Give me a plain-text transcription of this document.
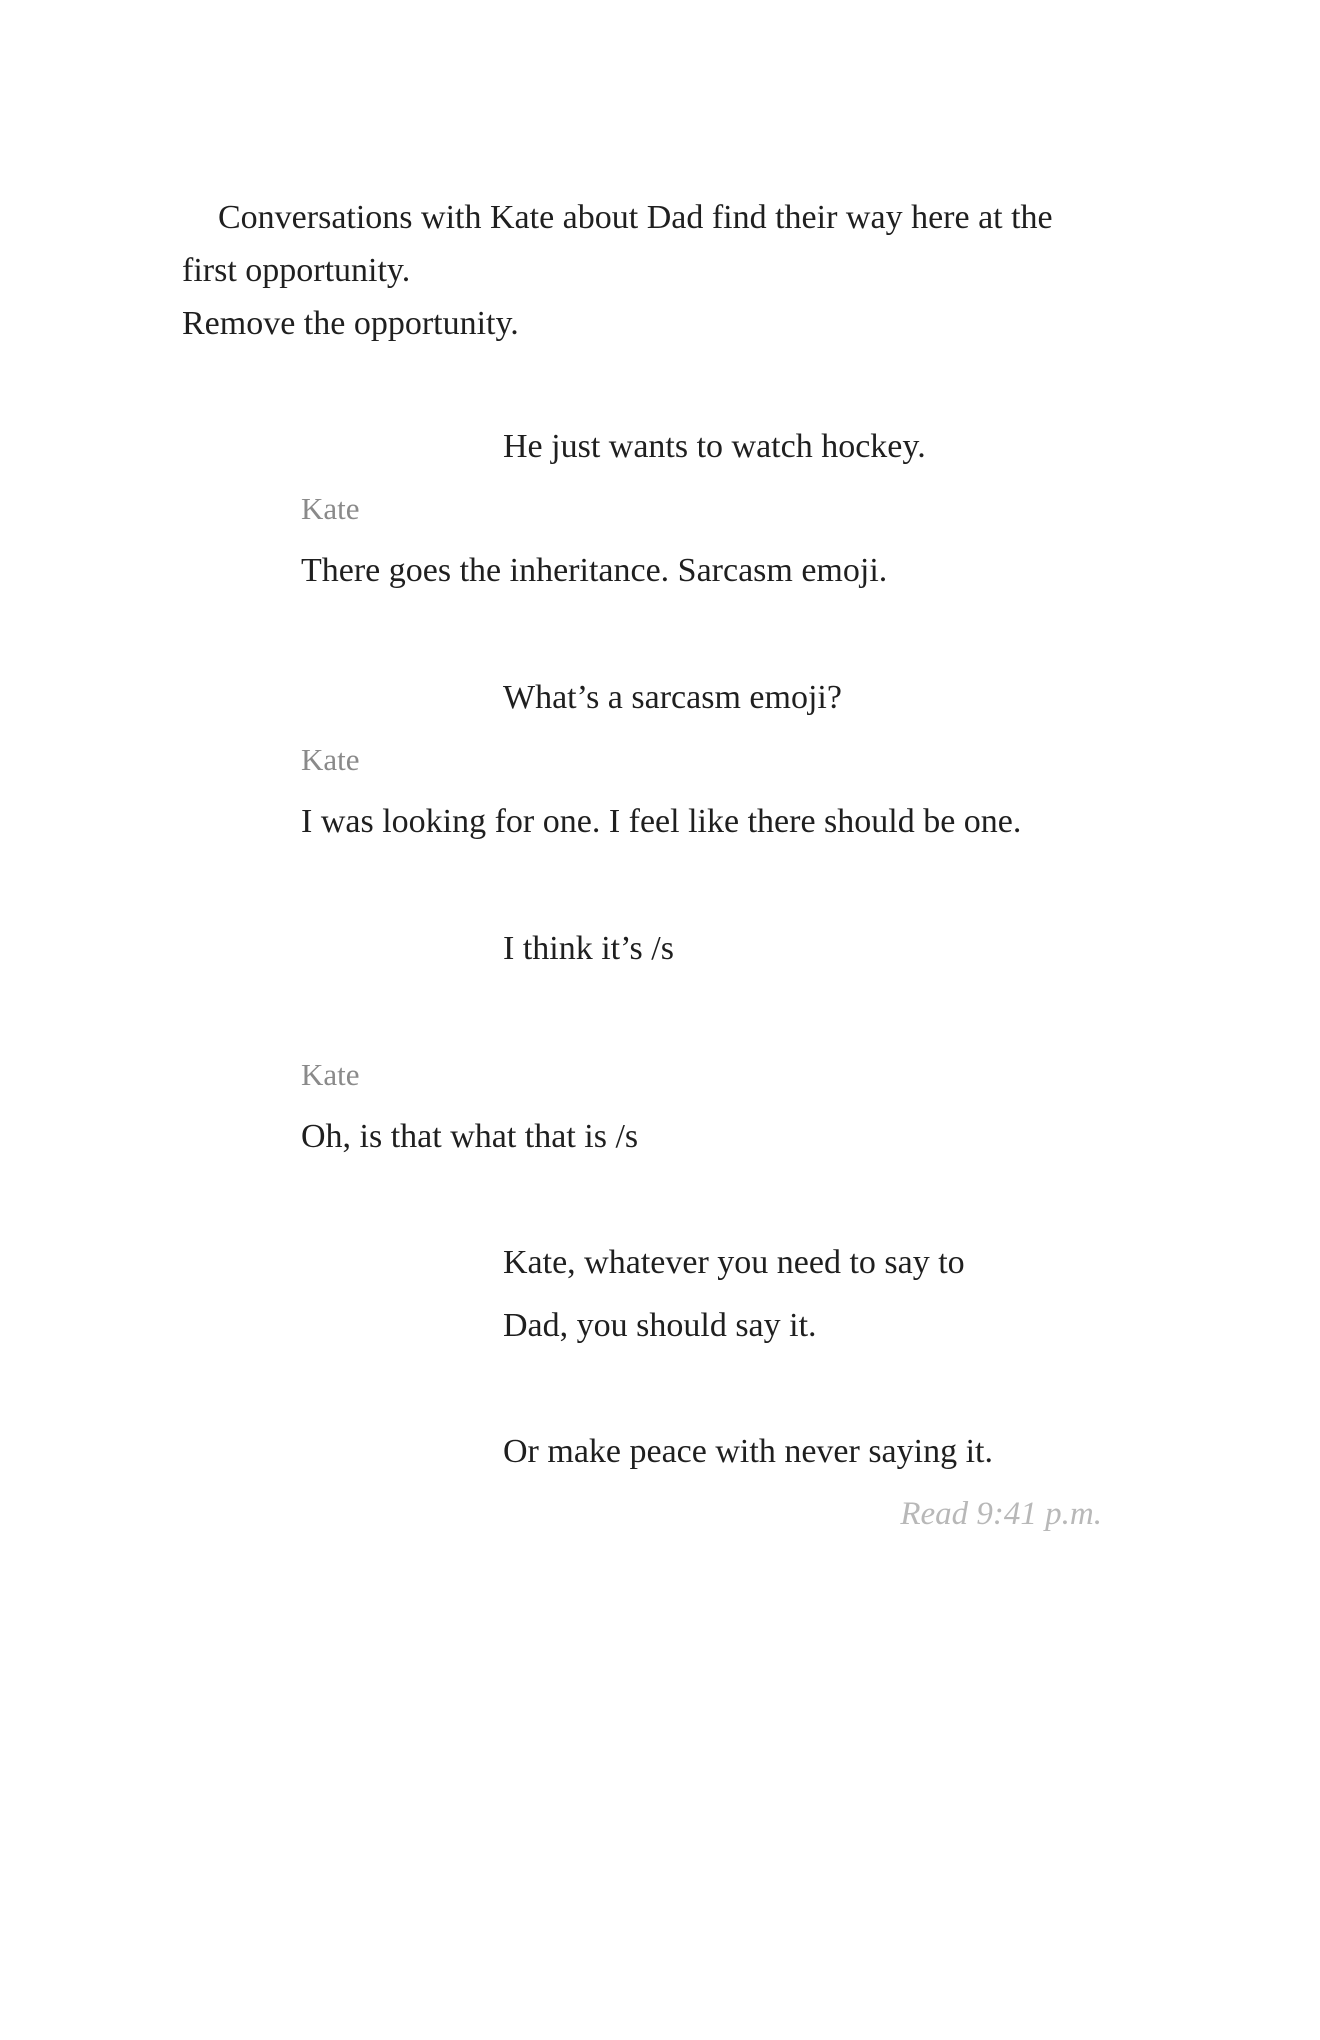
Conversations with Kate about Dad find their way here at the
first opportunity.
Remove the opportunity.
He just wants to watch hockey.
Kate
There goes the inheritance. Sarcasm emoji.
What’s a sarcasm emoji?
Kate
I was looking for one. I feel like there should be one.
I think it’s /s
Kate
Oh, is that what that is /s
Kate, whatever you need to say to
Dad, you should say it.
Or make peace with never saying it.
Read 9:41 p.m.
